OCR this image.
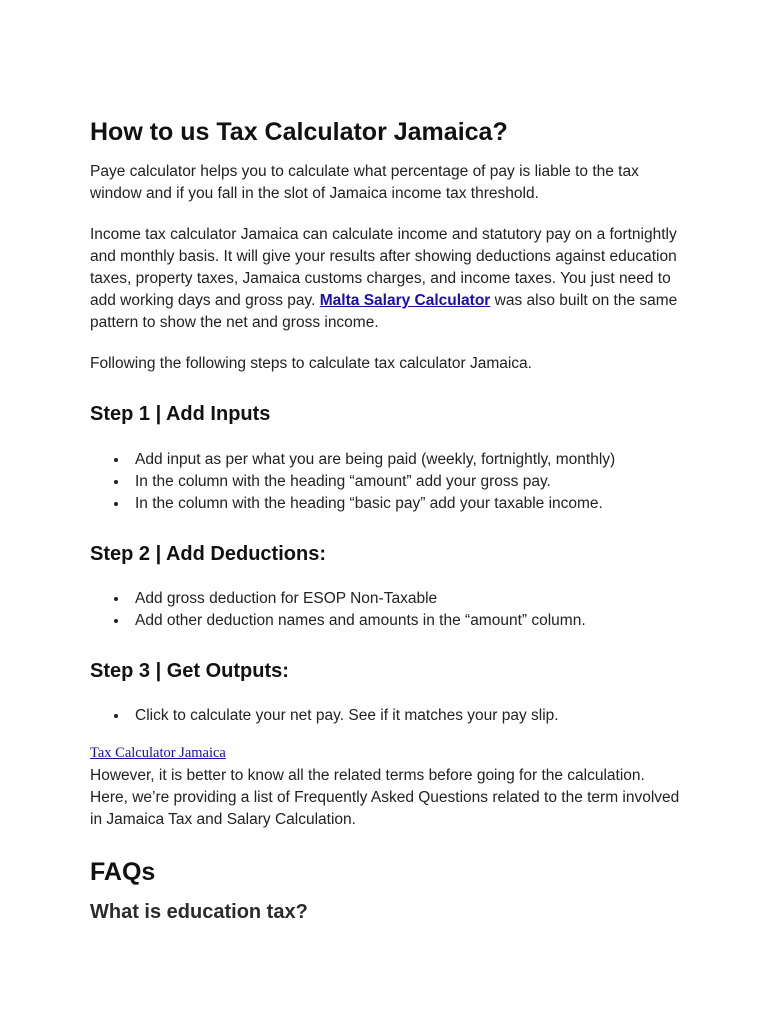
How to us Tax Calculator Jamaica?

Paye calculator helps you to calculate what percentage of pay is liable to the tax window and if you fall in the slot of Jamaica income tax threshold.

Income tax calculator Jamaica can calculate income and statutory pay on a fortnightly and monthly basis. It will give your results after showing deductions against education taxes, property taxes, Jamaica customs charges, and income taxes. You just need to add working days and gross pay. Malta Salary Calculator was also built on the same pattern to show the net and gross income.

Following the following steps to calculate tax calculator Jamaica.

Step 1 | Add Inputs
Add input as per what you are being paid (weekly, fortnightly, monthly)
In the column with the heading “amount” add your gross pay.
In the column with the heading “basic pay” add your taxable income.
Step 2 | Add Deductions:
Add gross deduction for ESOP Non-Taxable
Add other deduction names and amounts in the “amount” column.
Step 3 | Get Outputs:
Click to calculate your net pay. See if it matches your pay slip.
Tax Calculator Jamaica

However, it is better to know all the related terms before going for the calculation. Here, we’re providing a list of Frequently Asked Questions related to the term involved in Jamaica Tax and Salary Calculation.

FAQs
What is education tax?
